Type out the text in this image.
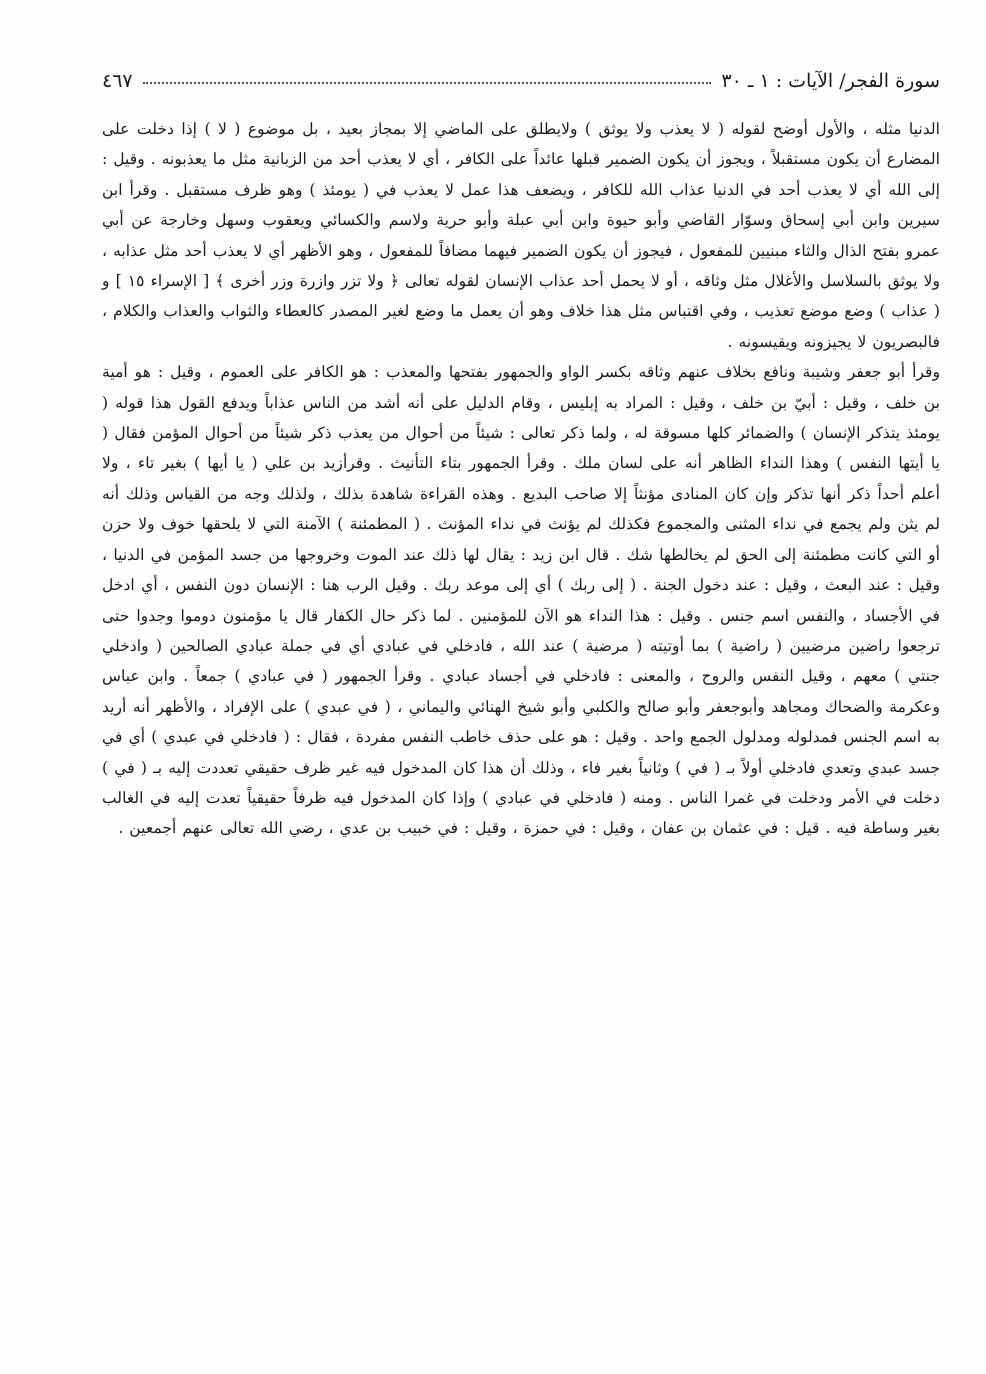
سورة الفجر/ الآيات : ١ ـ ٣٠
٤٦٧

الدنيا مثله ، والأول أوضح لقوله ( لا يعذب ولا يوثق ) ولايطلق على الماضي إلا بمجاز بعيد ، بل موضوع ( لا ) إذا دخلت على المضارع أن يكون مستقبلاً ، ويجوز أن يكون الضمير قبلها عائداً على الكافر ، أي لا يعذب أحد من الزبانية مثل ما يعذبونه . وقيل : إلى الله أي لا يعذب أحد في الدنيا عذاب الله للكافر ، ويضعف هذا عمل لا يعذب في ( يومئذ ) وهو ظرف مستقبل . وقرأ ابن سيرين وابن أبي إسحاق وسوّار القاضي وأبو حيوة وابن أبي عبلة وأبو حرية ولاسم والكسائي ويعقوب وسهل وخارجة عن أبي عمرو بفتح الذال والثاء مبنيين للمفعول ، فيجوز أن يكون الضمير فيهما مضافاً للمفعول ، وهو الأظهر أي لا يعذب أحد مثل عذابه ، ولا يوثق بالسلاسل والأغلال مثل وثاقه ، أو لا يحمل أحد عذاب الإنسان لقوله تعالى ﴿ ولا تزر وازرة وزر أخرى ﴾ [ الإسراء ١٥ ] و ( عذاب ) وضع موضع تعذيب ، وفي اقتباس مثل هذا خلاف وهو أن يعمل ما وضع لغير المصدر كالعطاء والثواب والعذاب والكلام ، فالبصريون لا يجيزونه ويقيسونه .

وقرأ أبو جعفر وشيبة ونافع بخلاف عنهم وثاقه بكسر الواو والجمهور بفتحها والمعذب : هو الكافر على العموم ، وقيل : هو أمية بن خلف ، وقيل : أبيّ بن خلف ، وقيل : المراد به إبليس ، وقام الدليل على أنه أشد من الناس عذاباً ويدفع القول هذا قوله ( يومئذ يتذكر الإنسان ) والضمائر كلها مسوقة له ، ولما ذكر تعالى : شيئاً من أحوال من يعذب ذكر شيئاً من أحوال المؤمن فقال ( يا أيتها النفس ) وهذا النداء الظاهر أنه على لسان ملك . وقرأ الجمهور بتاء التأنيث . وقرأزيد بن علي ( يا أيها ) بغير تاء ، ولا أعلم أحداً ذكر أنها تذكر وإن كان المنادى مؤنثاً إلا صاحب البديع . وهذه القراءة شاهدة بذلك ، ولذلك وجه من القياس وذلك أنه لم يثن ولم يجمع في نداء المثنى والمجموع فكذلك لم يؤنث في نداء المؤنث . ( المطمئنة ) الآمنة التي لا يلحقها خوف ولا حزن أو التي كانت مطمئنة إلى الحق لم يخالطها شك . قال ابن زيد : يقال لها ذلك عند الموت وخروجها من جسد المؤمن في الدنيا ، وقيل : عند البعث ، وقيل : عند دخول الجنة . ( إلى ربك ) أي إلى موعد ربك . وقيل الرب هنا : الإنسان دون النفس ، أي ادخل في الأجساد ، والنفس اسم جنس . وقيل : هذا النداء هو الآن للمؤمنين . لما ذكر حال الكفار قال يا مؤمنون دوموا وجدوا حتى ترجعوا راضين مرضيين ( راضية ) بما أوتيته ( مرضية ) عند الله ، فادخلي في عبادي أي في جملة عبادي الصالحين ( وادخلي جنتي ) معهم ، وقيل النفس والروح ، والمعنى : فادخلي في أجساد عبادي . وقرأ الجمهور ( في عبادي ) جمعاً . وابن عباس وعكرمة والضحاك ومجاهد وأبوجعفر وأبو صالح والكلبي وأبو شيخ الهنائي واليماني ، ( في عبدي ) على الإفراد ، والأظهر أنه أريد به اسم الجنس فمدلوله ومدلول الجمع واحد . وقيل : هو على حذف خاطب النفس مفردة ، فقال : ( فادخلي في عبدي ) أي في جسد عبدي وتعدي فادخلي أولاً بـ ( في ) وثانياً بغير فاء ، وذلك أن هذا كان المدخول فيه غير ظرف حقيقي تعددت إليه بـ ( في ) دخلت في الأمر ودخلت في غمرا الناس . ومنه ( فادخلي في عبادي ) وإذا كان المدخول فيه ظرفاً حقيقياً تعدت إليه في الغالب بغير وساطة فيه . قيل : في عثمان بن عفان ، وقيل : في حمزة ، وقيل : في خبيب بن عدي ، رضي الله تعالى عنهم أجمعين .
